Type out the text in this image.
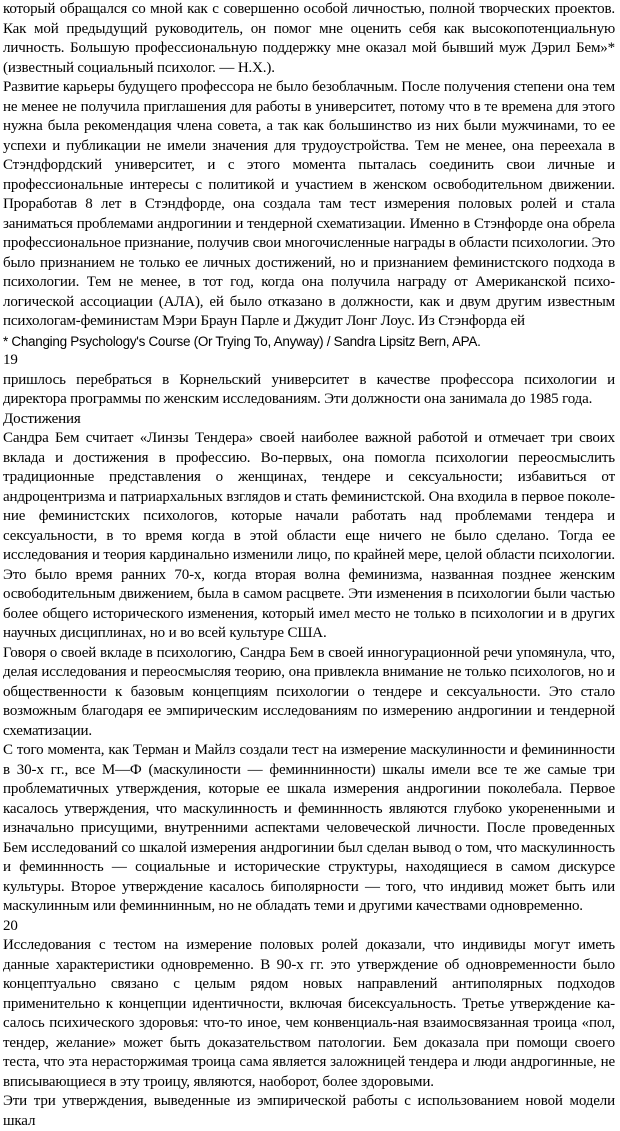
который обращался со мной как с совершенно особой личностью, полной творческих проектов. Как мой предыдущий руководитель, он помог мне оценить себя как высокопотенциальную личность. Большую профессиональную поддержку мне оказал мой бывший муж Дэрил Бем»* (известный социальный психолог. — Н.Х.).

Развитие карьеры будущего профессора не было безоблачным. После получения степени она тем не менее не получила приглашения для работы в университет, потому что в те времена для этого нужна была рекомендация члена совета, а так как большинство из них были мужчинами, то ее успехи и публикации не имели значения для трудоустройства. Тем не менее, она переехала в Стэндфордский университет, и с этого момента пыталась соединить свои личные и профессиональные интересы с политикой и участием в женском освободительном движении. Проработав 8 лет в Стэндфорде, она создала там тест измерения половых ролей и стала заниматься проблемами андрогинии и тендерной схематизации. Именно в Стэнфорде она обрела профессиональное признание, получив свои многочисленные награды в области психологии. Это было признанием не только ее личных достижений, но и признанием феминистского подхода в психологии. Тем не менее, в тот год, когда она получила награду от Американской психо-логической ассоциации (АЛА), ей было отказано в должности, как и двум другим известным психологам-феминистам Мэри Браун Парле и Джудит Лонг Лоус. Из Стэнфорда ей

* Changing Psychology's Course (Or Trying To, Anyway) / Sandra Lipsitz Bern, APA.

19

пришлось перебраться в Корнельский университет в качестве профессора психологии и директора программы по женским исследованиям. Эти должности она занимала до 1985 года.

Достижения

Сандра Бем считает «Линзы Тендера» своей наиболее важной работой и отмечает три своих вклада и достижения в профессию. Во-первых, она помогла психологии переосмыслить традиционные представления о женщинах, тендере и сексуальности; избавиться от андроцентризма и патриархальных взглядов и стать феминистской. Она входила в первое поколе-ние феминистских психологов, которые начали работать над проблемами тендера и сексуальности, в то время когда в этой области еще ничего не было сделано. Тогда ее исследования и теория кардинально изменили лицо, по крайней мере, целой области психологии. Это было время ранних 70-х, когда вторая волна феминизма, названная позднее женским освободительным движением, была в самом расцвете. Эти изменения в психологии были частью более общего исторического изменения, который имел место не только в психологии и в других научных дисциплинах, но и во всей культуре США.

Говоря о своей вкладе в психологию, Сандра Бем в своей инногурационной речи упомянула, что, делая исследования и переосмысляя теорию, она привлекла внимание не только психологов, но и общественности к базовым концепциям психологии о тендере и сексуальности. Это стало возможным благодаря ее эмпирическим исследованиям по измерению андрогинии и тендерной схематизации.

С того момента, как Терман и Майлз создали тест на измерение маскулинности и фемининности в 30-х гг., все М—Ф (маскулиности — феминнинности) шкалы имели все те же самые три проблематичных утверждения, которые ее шкала измерения андрогинии поколебала. Первое касалось утверждения, что маскулинность и феминнность являются глубоко укорененными и изначально присущими, внутренними аспектами человеческой личности. После проведенных Бем исследований со шкалой измерения андрогинии был сделан вывод о том, что маскулинность и феминнность — социальные и исторические структуры, находящиеся в самом дискурсе культуры. Второе утверждение касалось биполярности — того, что индивид может быть или маскулинным или феминнинным, но не обладать теми и другими качествами одновременно.

20

Исследования с тестом на измерение половых ролей доказали, что индивиды могут иметь данные характеристики одновременно. В 90-х гг. это утверждение об одновременности было концептуально связано с целым рядом новых направлений антиполярных подходов применительно к концепции идентичности, включая бисексуальность. Третье утверждение ка-салось психического здоровья: что-то иное, чем конвенциаль-ная взаимосвязанная троица «пол, тендер, желание» может быть доказательством патологии. Бем доказала при помощи своего теста, что эта нерасторжимая троица сама является заложницей тендера и люди андрогинные, не вписывающиеся в эту троицу, являются, наоборот, более здоровыми.

Эти три утверждения, выведенные из эмпирической работы с использованием новой модели шкал
